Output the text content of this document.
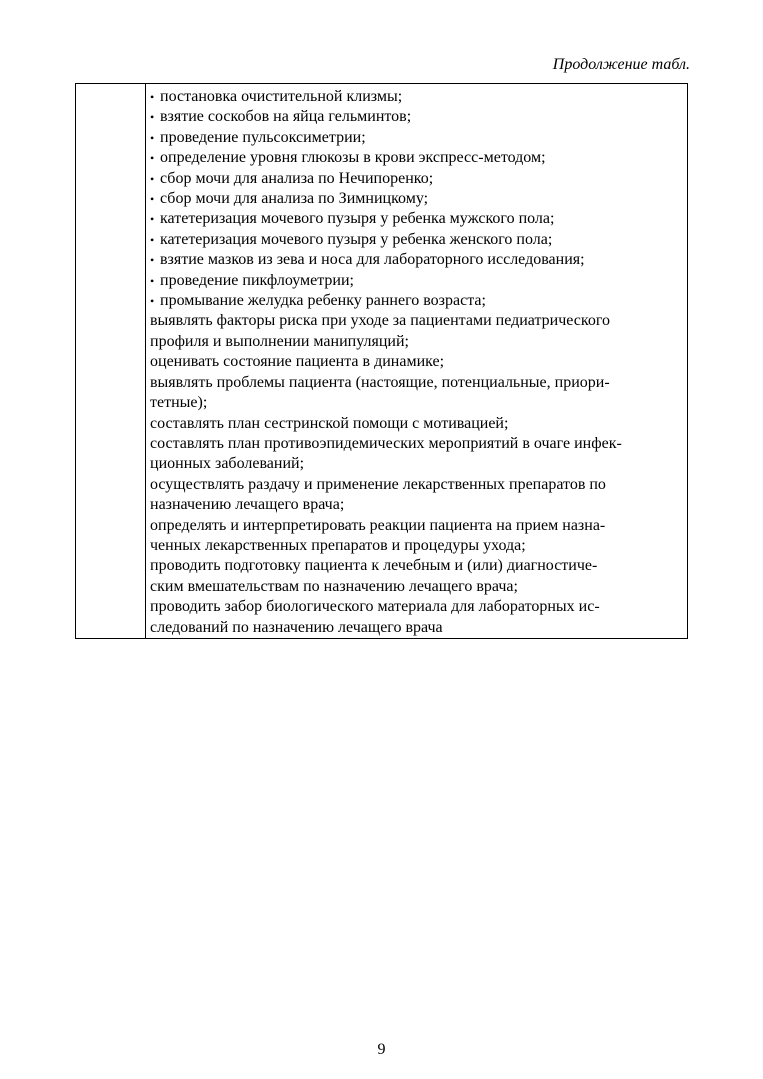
Продолжение табл.

• постановка очистительной клизмы;
• взятие соскобов на яйца гельминтов;
• проведение пульсоксиметрии;
• определение уровня глюкозы в крови экспресс-методом;
• сбор мочи для анализа по Нечипоренко;
• сбор мочи для анализа по Зимницкому;
• катетеризация мочевого пузыря у ребенка мужского пола;
• катетеризация мочевого пузыря у ребенка женского пола;
• взятие мазков из зева и носа для лабораторного исследования;
• проведение пикфлоуметрии;
• промывание желудка ребенку раннего возраста;
выявлять факторы риска при уходе за пациентами педиатрического
профиля и выполнении манипуляций;
оценивать состояние пациента в динамике;
выявлять проблемы пациента (настоящие, потенциальные, приори-
тетные);
составлять план сестринской помощи с мотивацией;
составлять план противоэпидемических мероприятий в очаге инфек-
ционных заболеваний;
осуществлять раздачу и применение лекарственных препаратов по
назначению лечащего врача;
определять и интерпретировать реакции пациента на прием назна-
ченных лекарственных препаратов и процедуры ухода;
проводить подготовку пациента к лечебным и (или) диагностиче-
ским вмешательствам по назначению лечащего врача;
проводить забор биологического материала для лабораторных ис-
следований по назначению лечащего врача
9
